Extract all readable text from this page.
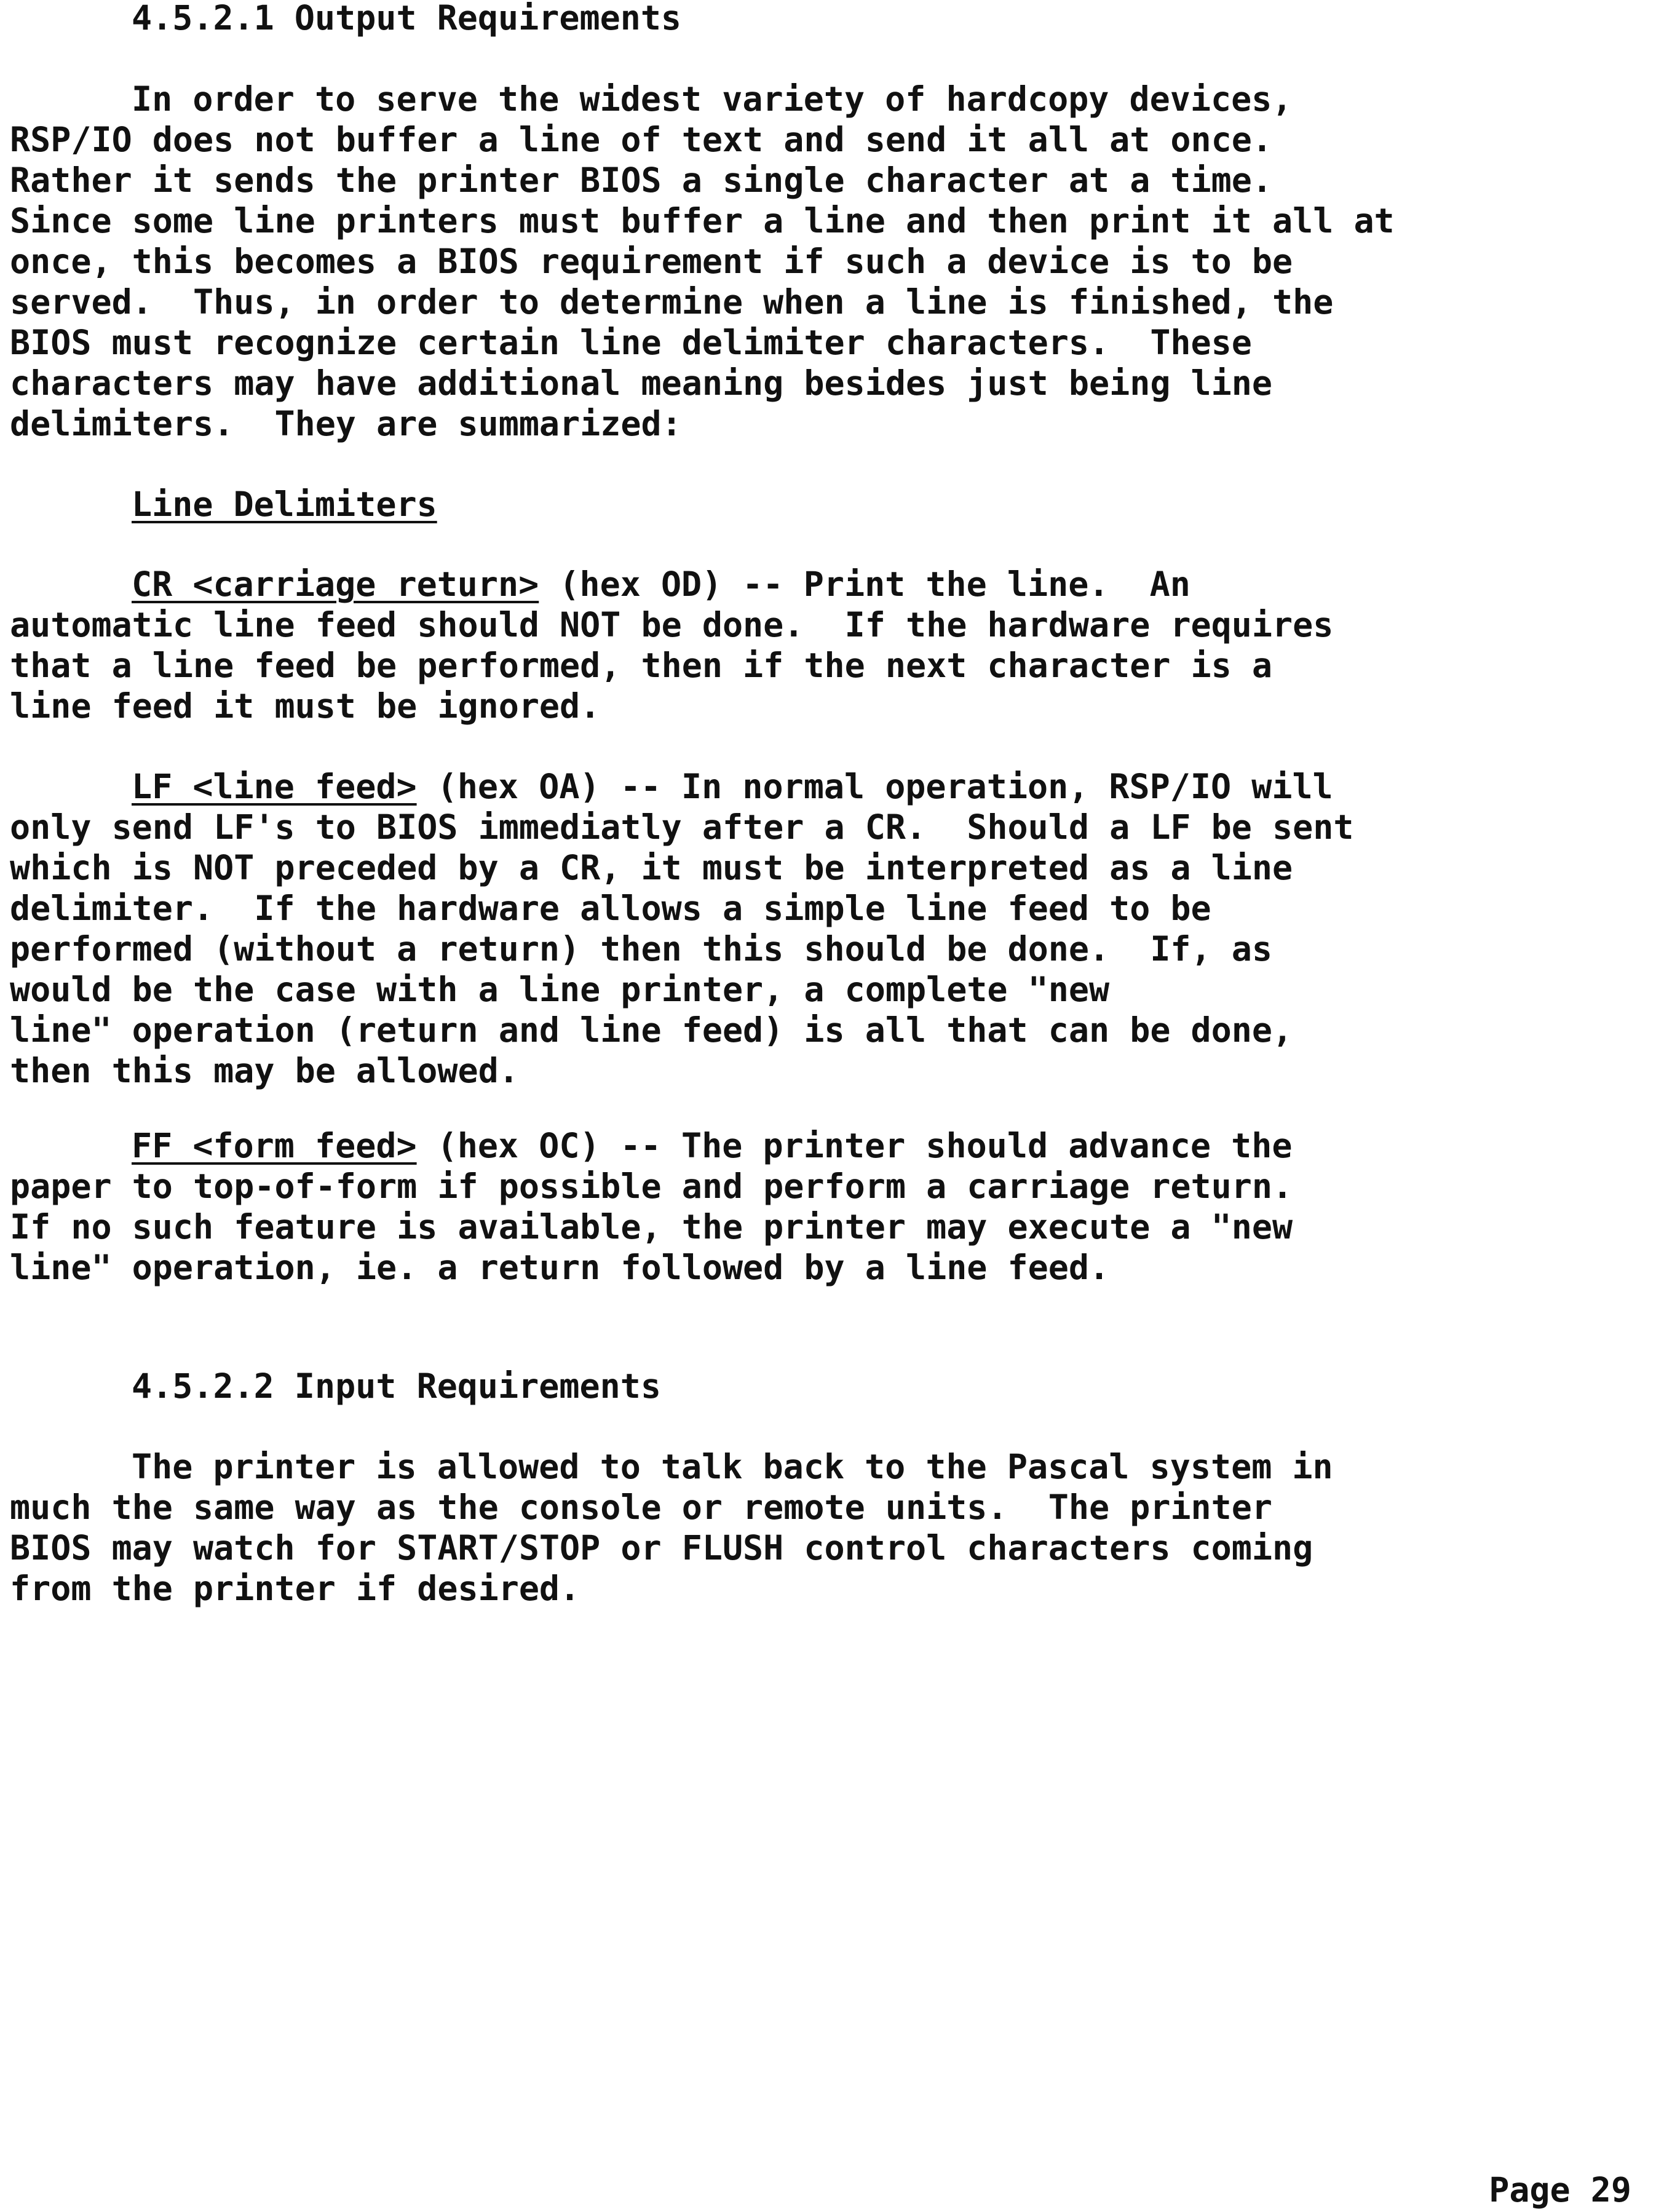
4.5.2.1 Output Requirements
In order to serve the widest variety of hardcopy devices,
RSP/IO does not buffer a line of text and send it all at once.
Rather it sends the printer BIOS a single character at a time.
Since some line printers must buffer a line and then print it all at
once, this becomes a BIOS requirement if such a device is to be
served.  Thus, in order to determine when a line is finished, the
BIOS must recognize certain line delimiter characters.  These
characters may have additional meaning besides just being line
delimiters.  They are summarized:
Line Delimiters
CR <carriage return> (hex OD) -- Print the line.  An
automatic line feed should NOT be done.  If the hardware requires
that a line feed be performed, then if the next character is a
line feed it must be ignored.
LF <line feed> (hex OA) -- In normal operation, RSP/IO will
only send LF's to BIOS immediatly after a CR.  Should a LF be sent
which is NOT preceded by a CR, it must be interpreted as a line
delimiter.  If the hardware allows a simple line feed to be
performed (without a return) then this should be done.  If, as
would be the case with a line printer, a complete "new
line" operation (return and line feed) is all that can be done,
then this may be allowed.
FF <form feed> (hex OC) -- The printer should advance the
paper to top-of-form if possible and perform a carriage return.
If no such feature is available, the printer may execute a "new
line" operation, ie. a return followed by a line feed.
4.5.2.2 Input Requirements
The printer is allowed to talk back to the Pascal system in
much the same way as the console or remote units.  The printer
BIOS may watch for START/STOP or FLUSH control characters coming
from the printer if desired.
Page 29
